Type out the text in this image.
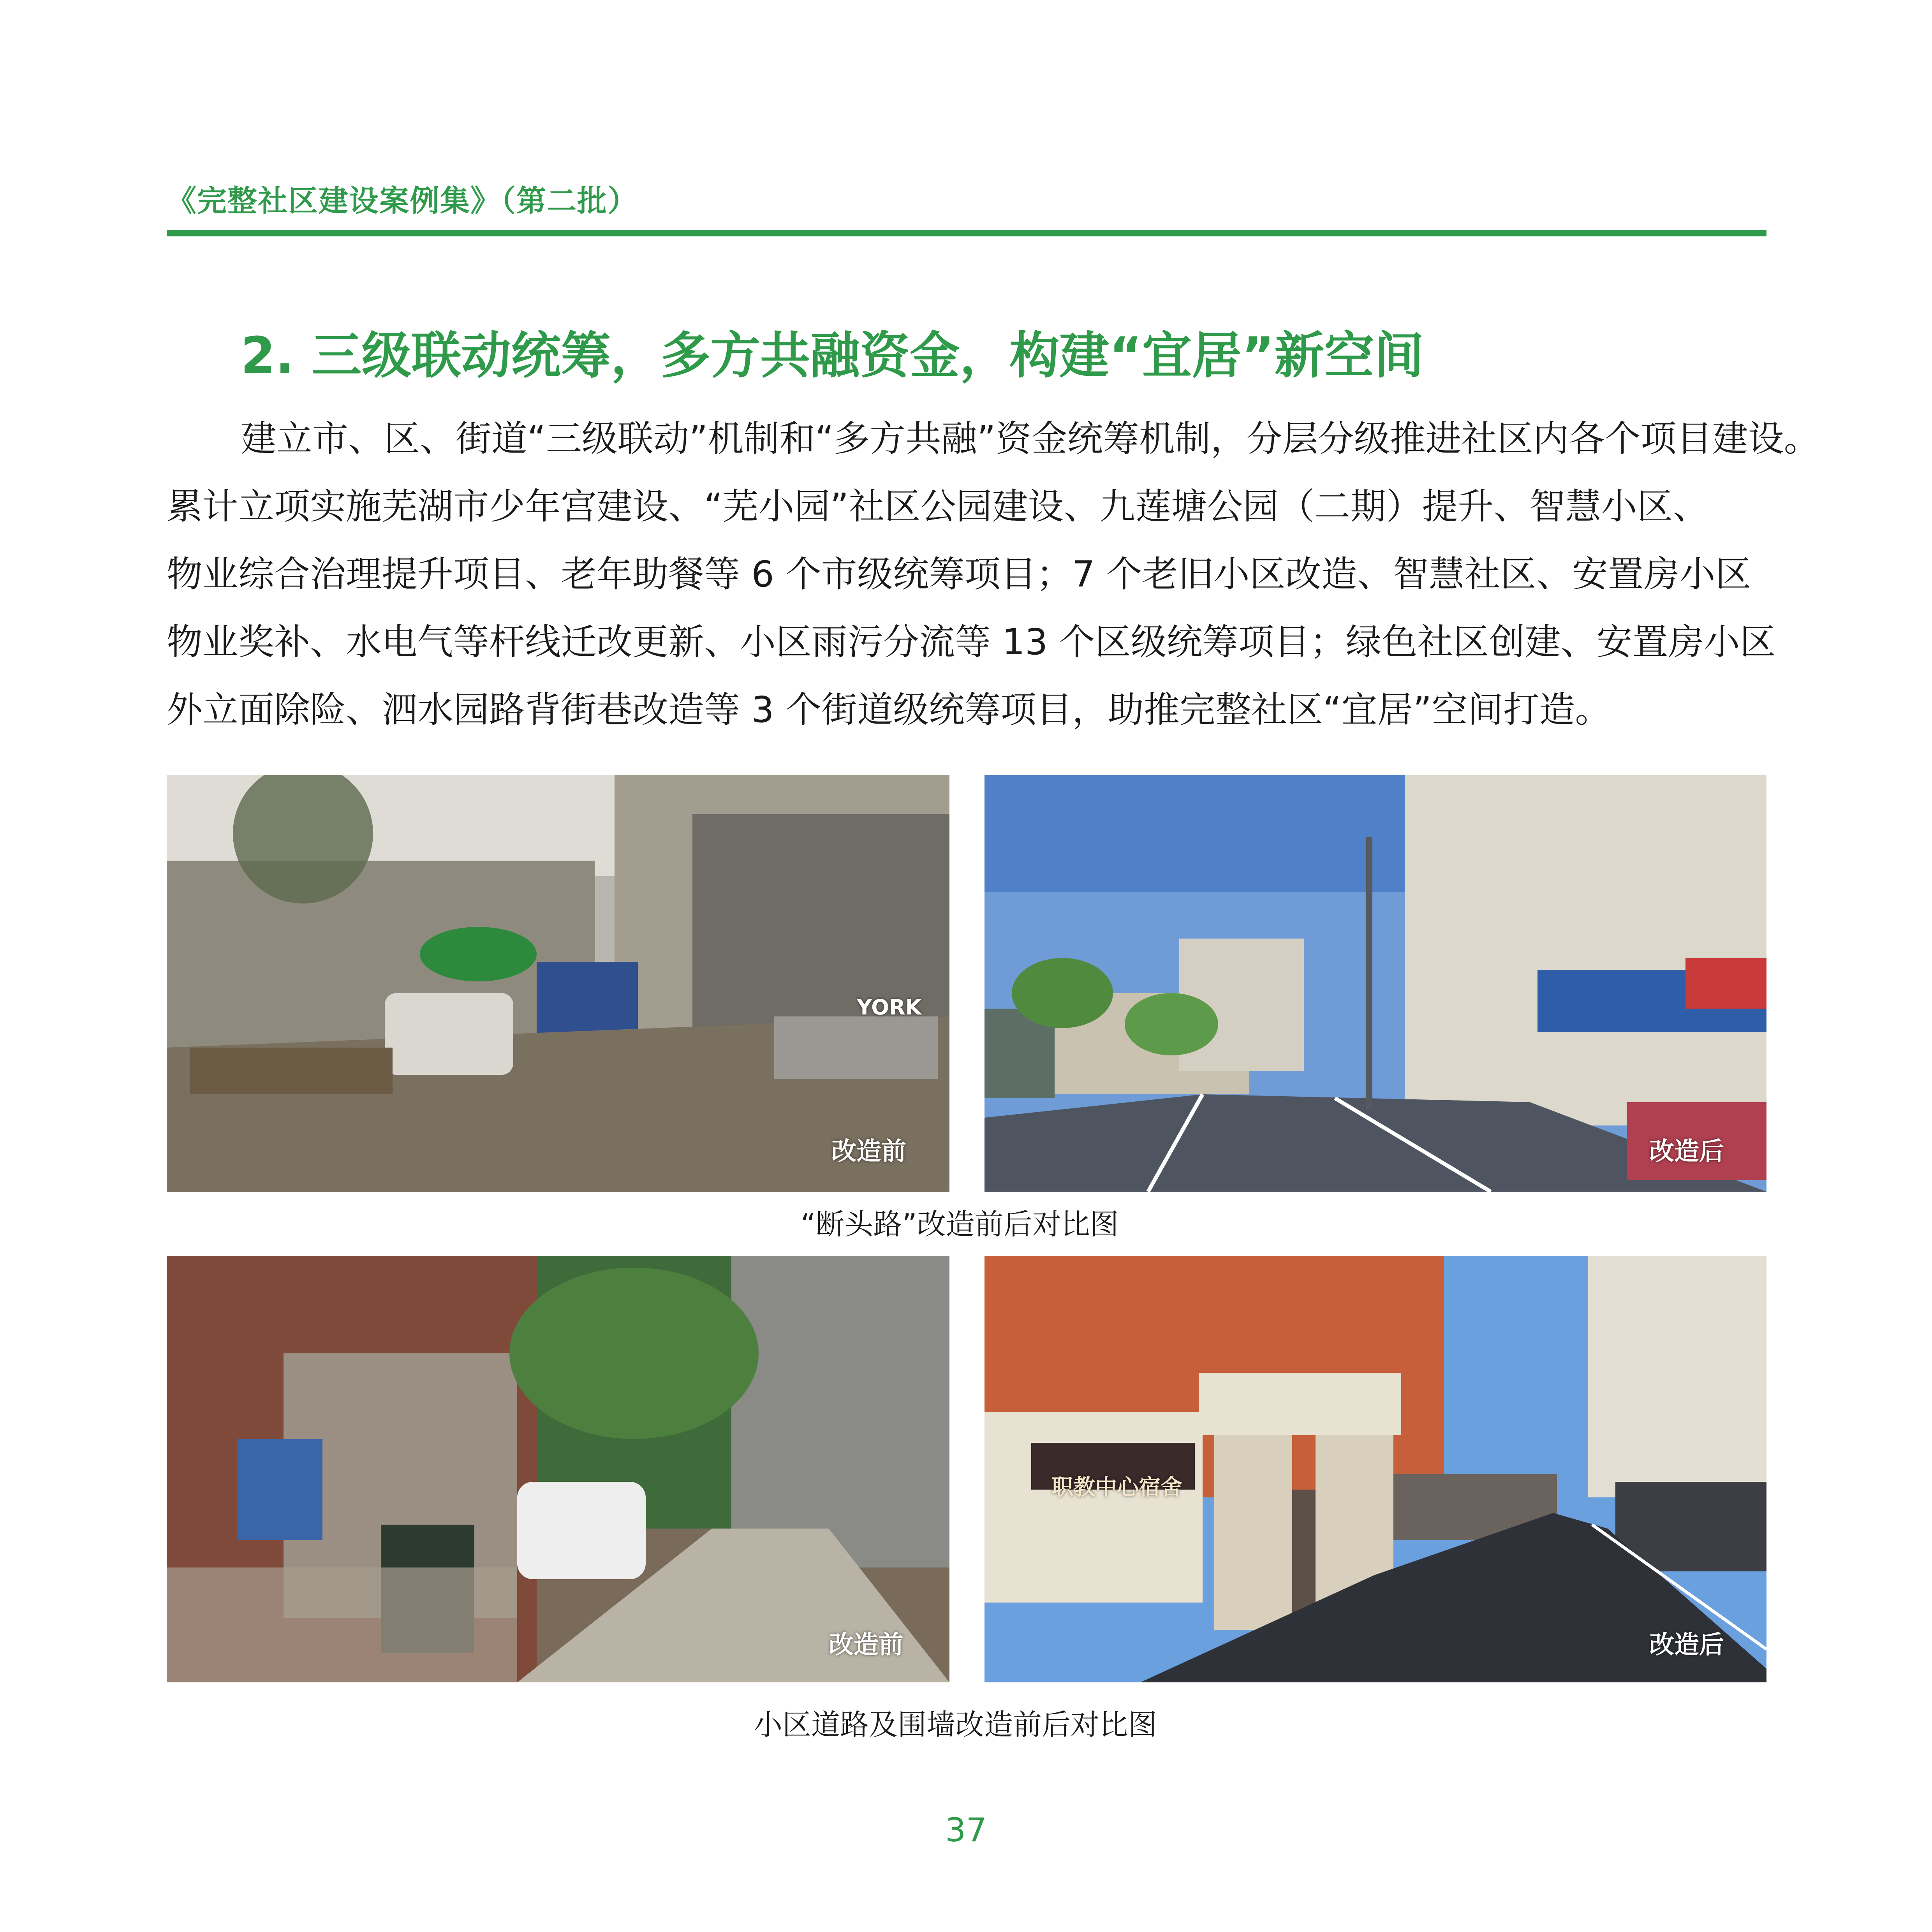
《完整社区建设案例集》（第二批）
2. 三级联动统筹，多方共融资金，构建“宜居”新空间
建立市、区、街道“三级联动”机制和“多方共融”资金统筹机制，分层分级推进社区内各个项目建设。
累计立项实施芜湖市少年宫建设、“芜小园”社区公园建设、九莲塘公园（二期）提升、智慧小区、
物业综合治理提升项目、老年助餐等 6 个市级统筹项目；7 个老旧小区改造、智慧社区、安置房小区
物业奖补、水电气等杆线迁改更新、小区雨污分流等 13 个区级统筹项目；绿色社区创建、安置房小区
外立面除险、泗水园路背街巷改造等 3 个街道级统筹项目，助推完整社区“宜居”空间打造。
改造前
YORK
改造后
“断头路”改造前后对比图
改造前
职教中心宿舍
改造后
小区道路及围墙改造前后对比图
37
